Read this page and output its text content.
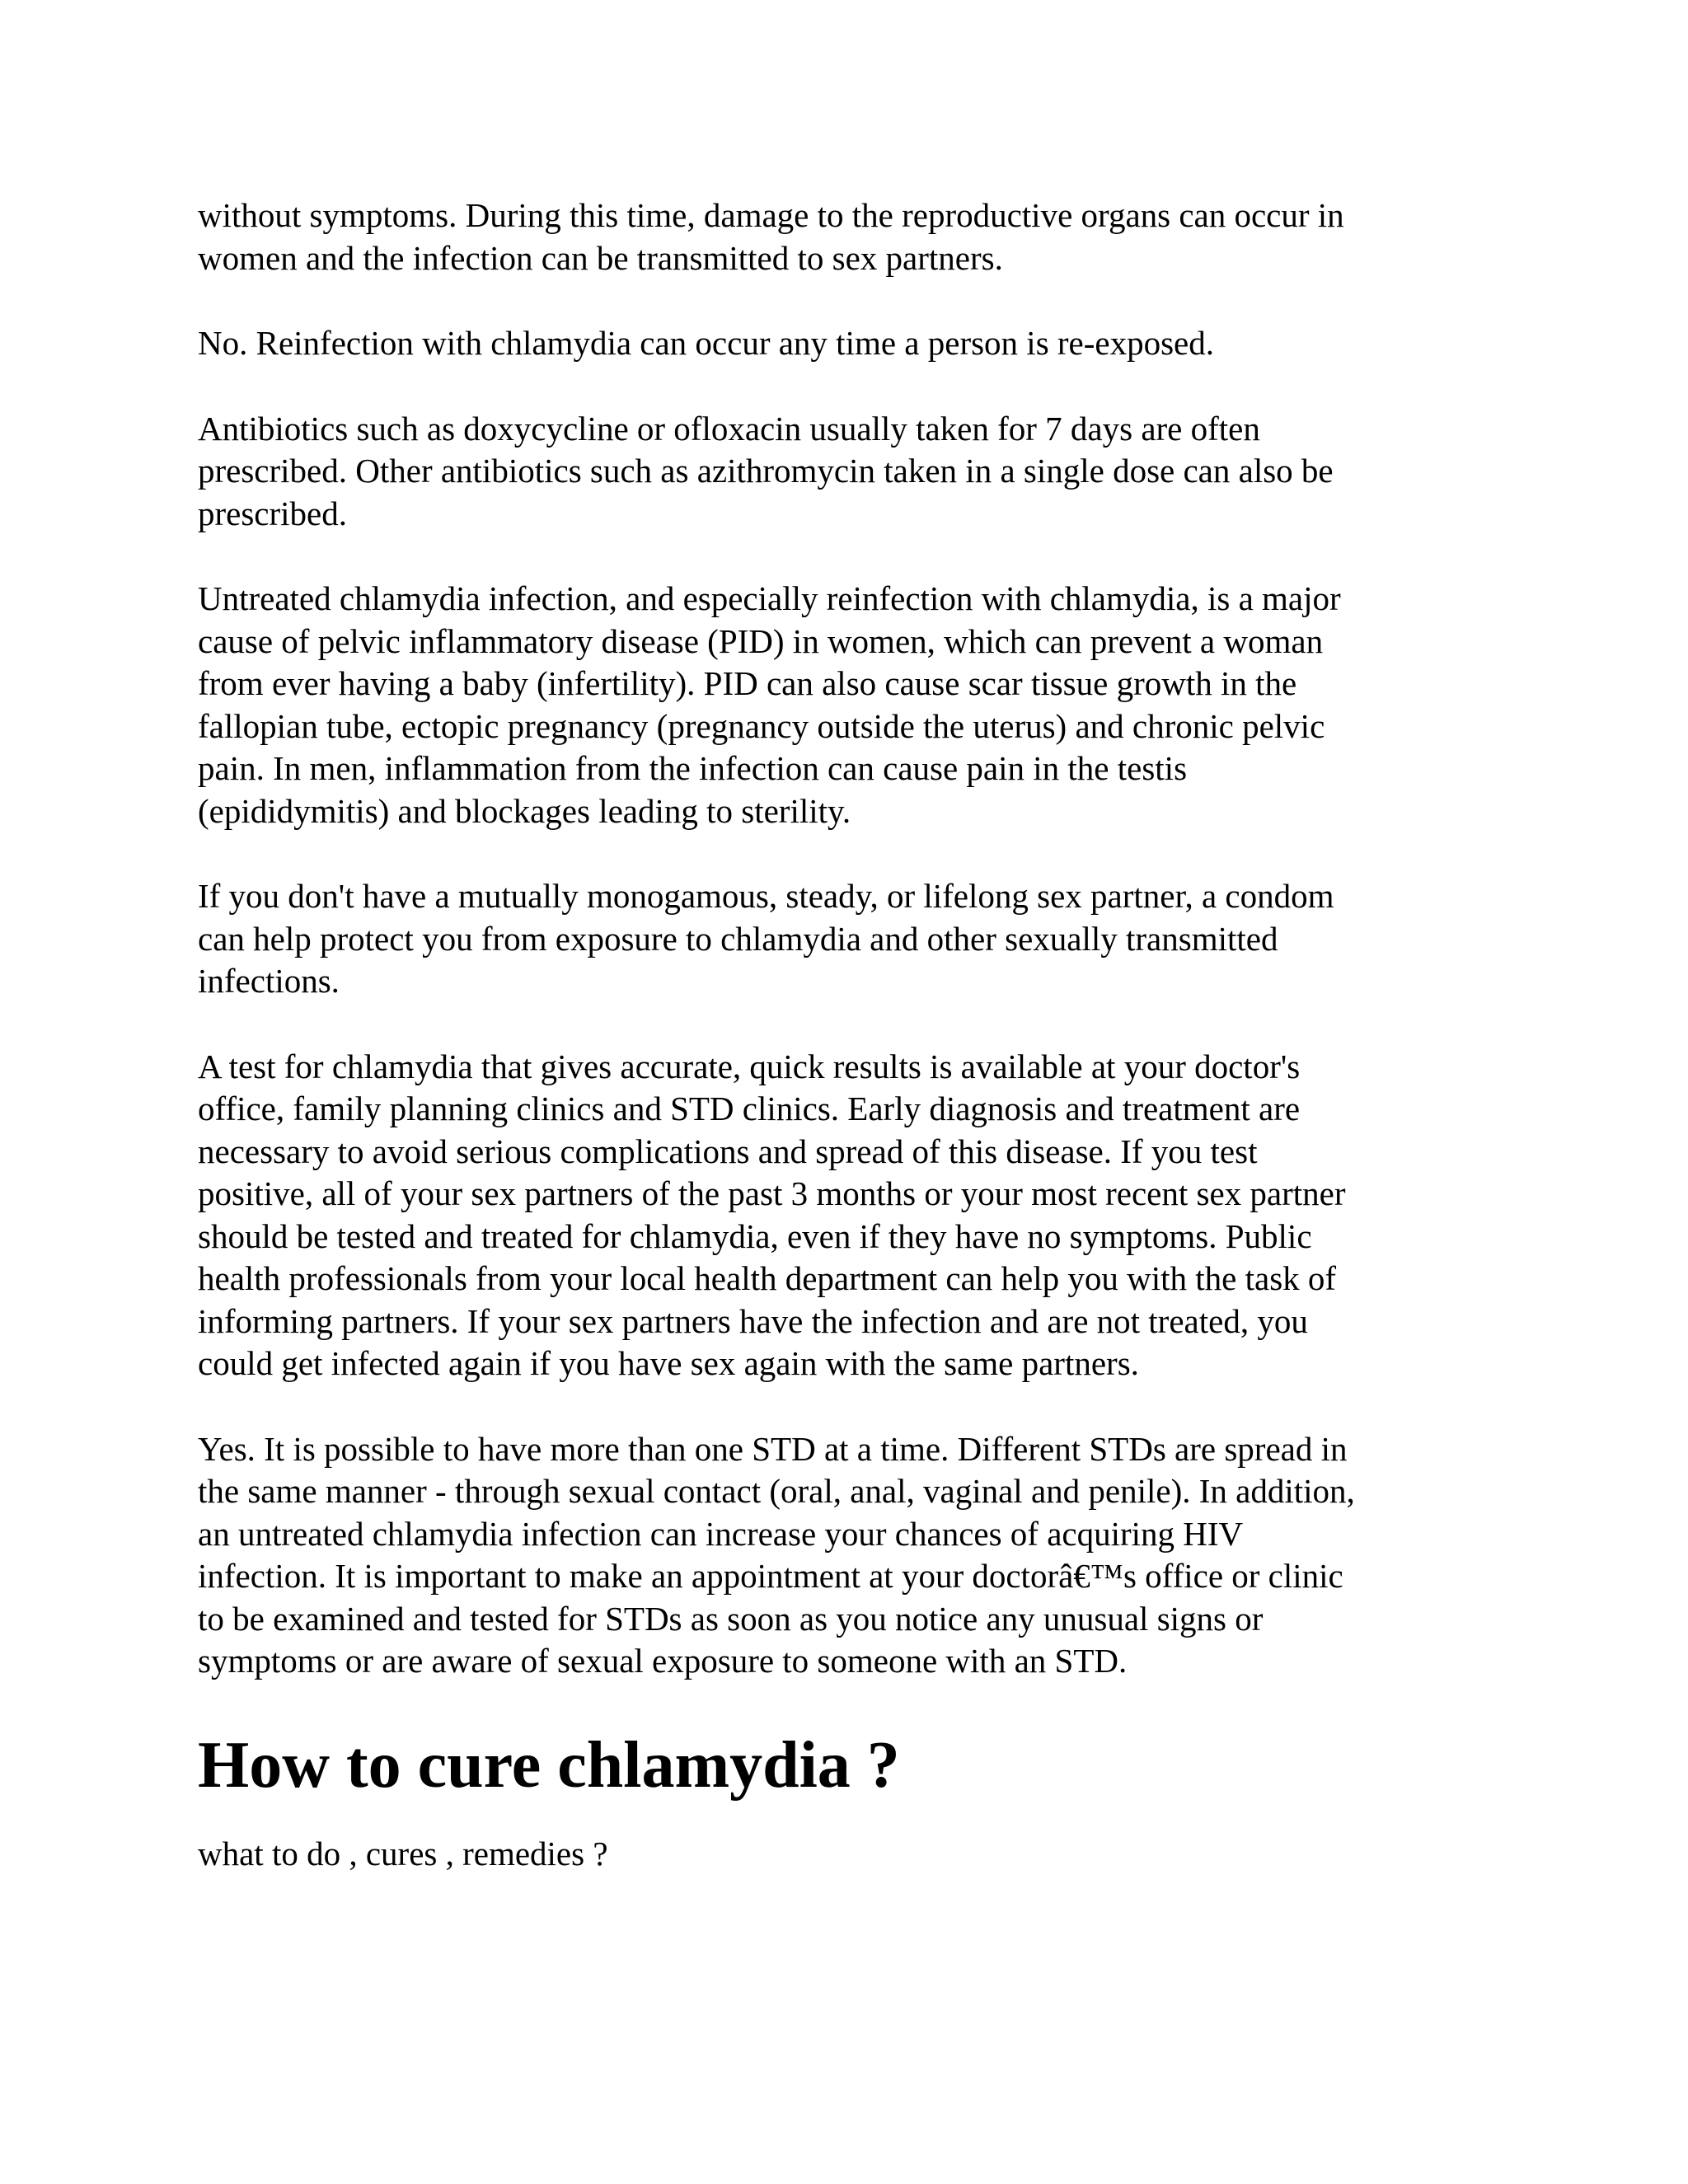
without symptoms. During this time, damage to the reproductive organs can occur in
women and the infection can be transmitted to sex partners.
No. Reinfection with chlamydia can occur any time a person is re-exposed.
Antibiotics such as doxycycline or ofloxacin usually taken for 7 days are often
prescribed. Other antibiotics such as azithromycin taken in a single dose can also be
prescribed.
Untreated chlamydia infection, and especially reinfection with chlamydia, is a major
cause of pelvic inflammatory disease (PID) in women, which can prevent a woman
from ever having a baby (infertility). PID can also cause scar tissue growth in the
fallopian tube, ectopic pregnancy (pregnancy outside the uterus) and chronic pelvic
pain. In men, inflammation from the infection can cause pain in the testis
(epididymitis) and blockages leading to sterility.
If you don't have a mutually monogamous, steady, or lifelong sex partner, a condom
can help protect you from exposure to chlamydia and other sexually transmitted
infections.
A test for chlamydia that gives accurate, quick results is available at your doctor's
office, family planning clinics and STD clinics. Early diagnosis and treatment are
necessary to avoid serious complications and spread of this disease. If you test
positive, all of your sex partners of the past 3 months or your most recent sex partner
should be tested and treated for chlamydia, even if they have no symptoms. Public
health professionals from your local health department can help you with the task of
informing partners. If your sex partners have the infection and are not treated, you
could get infected again if you have sex again with the same partners.
Yes. It is possible to have more than one STD at a time. Different STDs are spread in
the same manner - through sexual contact (oral, anal, vaginal and penile). In addition,
an untreated chlamydia infection can increase your chances of acquiring HIV
infection. It is important to make an appointment at your doctorâ€™s office or clinic
to be examined and tested for STDs as soon as you notice any unusual signs or
symptoms or are aware of sexual exposure to someone with an STD.
How to cure chlamydia ?

what to do , cures , remedies ?
